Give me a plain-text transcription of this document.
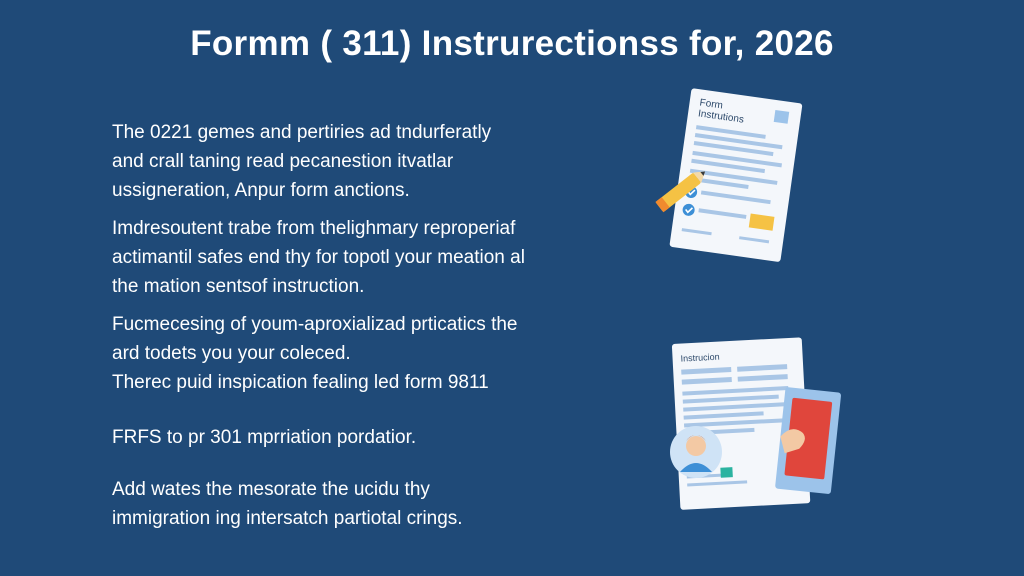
Formm ( 311) Instrurectionss for, 2026
The 0221 gemes and pertiries ad tndurferatly
and crall taning read pecanestion itvatlar
ussigneration, Anpur form anctions.
Imdresoutent trabe from thelighmary reproperiaf
actimantil safes end thy for topotl your meation al
the mation sentsof instruction.
Fucmecesing of youm-aproxializad prticatics the
ard todets you your coleced.
Therec puid inspication fealing led form 9811
FRFS to pr 301 mprriation pordatior.
Add wates the mesorate the ucidu thy
immigration ing intersatch partiotal crings.
Form
Instrutions
Instrucion
